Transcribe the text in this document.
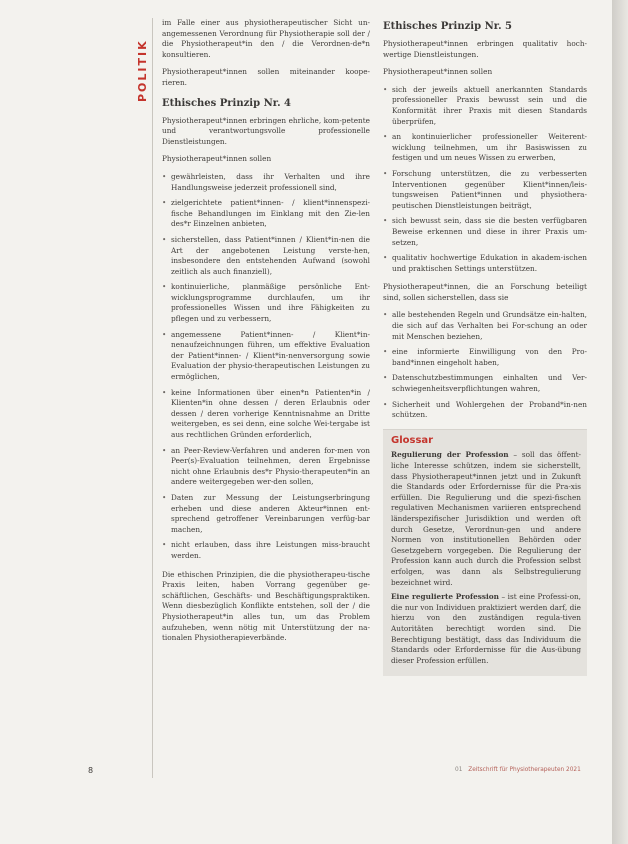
POLITIK

im Falle einer aus physiotherapeutischer Sicht un-angemessenen Verordnung für Physiotherapie soll der / die Physiotherapeut*in den / die Verordnen-de*n konsultieren.

Physiotherapeut*innen sollen miteinander koope-rieren.

Ethisches Prinzip Nr. 4

Physiotherapeut*innen erbringen ehrliche, kom-petente und verantwortungsvolle professionelle Dienstleistungen.

Physiotherapeut*innen sollen

• gewährleisten, dass ihr Verhalten und ihre Handlungsweise jederzeit professionell sind,
• zielgerichtete patient*innen- / klient*innenspezi-fische Behandlungen im Einklang mit den Zie-len des*r Einzelnen anbieten,
• sicherstellen, dass Patient*innen / Klient*in-nen die Art der angebotenen Leistung verste-hen, insbesondere den entstehenden Aufwand (sowohl zeitlich als auch finanziell),
• kontinuierliche, planmäßige persönliche Ent-wicklungsprogramme durchlaufen, um ihr professionelles Wissen und ihre Fähigkeiten zu pflegen und zu verbessern,
• angemessene Patient*innen- / Klient*in-nenaufzeichnungen führen, um effektive Evaluation der Patient*innen- / Klient*in-nenversorgung sowie Evaluation der physio-therapeutischen Leistungen zu ermöglichen,
• keine Informationen über einen*n Patienten*in / Klienten*in ohne dessen / deren Erlaubnis oder dessen / deren vorherige Kenntnisnahme an Dritte weitergeben, es sei denn, eine solche Wei-tergabe ist aus rechtlichen Gründen erforderlich,
• an Peer-Review-Verfahren und anderen for-men von Peer(s)-Evaluation teilnehmen, deren Ergebnisse nicht ohne Erlaubnis des*r Physio-therapeuten*in an andere weitergegeben wer-den sollen,
• Daten zur Messung der Leistungserbringung erheben und diese anderen Akteur*innen ent-sprechend getroffener Vereinbarungen verfüg-bar machen,
• nicht erlauben, dass ihre Leistungen miss-braucht werden.

Die ethischen Prinzipien, die die physiotherapeu-tische Praxis leiten, haben Vorrang gegenüber ge-schäftlichen, Geschäfts- und Beschäftigungspraktiken. Wenn diesbezüglich Konflikte entstehen, soll der / die Physiotherapeut*in alles tun, um das Problem aufzuheben, wenn nötig mit Unterstützung der na-tionalen Physiotherapieverbände.

Ethisches Prinzip Nr. 5

Physiotherapeut*innen erbringen qualitativ hoch-wertige Dienstleistungen.

Physiotherapeut*innen sollen

• sich der jeweils aktuell anerkannten Standards professioneller Praxis bewusst sein und die Konformität ihrer Praxis mit diesen Standards überprüfen,
• an kontinuierlicher professioneller Weiterent-wicklung teilnehmen, um ihr Basiswissen zu festigen und um neues Wissen zu erwerben,
• Forschung unterstützen, die zu verbesserten Interventionen gegenüber Klient*innen/leis-tungsweisen Patient*innen und physiothera-peutischen Dienstleistungen beiträgt,
• sich bewusst sein, dass sie die besten verfügbaren Beweise erkennen und diese in ihrer Praxis um-setzen,
• qualitativ hochwertige Edukation in akadem-ischen und praktischen Settings unterstützen.

Physiotherapeut*innen, die an Forschung beteiligt sind, sollen sicherstellen, dass sie

• alle bestehenden Regeln und Grundsätze ein-halten, die sich auf das Verhalten bei For-schung an oder mit Menschen beziehen,
• eine informierte Einwilligung von den Pro-band*innen eingeholt haben,
• Datenschutzbestimmungen einhalten und Ver-schwiegenheitsverpflichtungen wahren,
• Sicherheit und Wohlergehen der Proband*in-nen schützen.
Glossar

Regulierung der Profession – soll das öffent-liche Interesse schützen, indem sie sicherstellt, dass Physiotherapeut*innen jetzt und in Zukunft die Standards oder Erfordernisse für die Pra-xis erfüllen. Die Regulierung und die spezi-fischen regulativen Mechanismen variieren entsprechend länderspezifischer Jurisdiktion und werden oft durch Gesetze, Verordnun-gen und andere Normen von institutionellen Behörden oder Gesetzgebern vorgegeben. Die Regulierung der Profession kann auch durch die Profession selbst erfolgen, was dann als Selbstregulierung bezeichnet wird.

Eine regulierte Profession – ist eine Professi-on, die nur von Individuen praktiziert werden darf, die hierzu von den zuständigen regula-tiven Autoritäten berechtigt worden sind. Die Berechtigung bestätigt, dass das Individuum die Standards oder Erfordernisse für die Aus-übung dieser Profession erfüllen.

8	01 Zeitschrift für Physiotherapeuten 2021
